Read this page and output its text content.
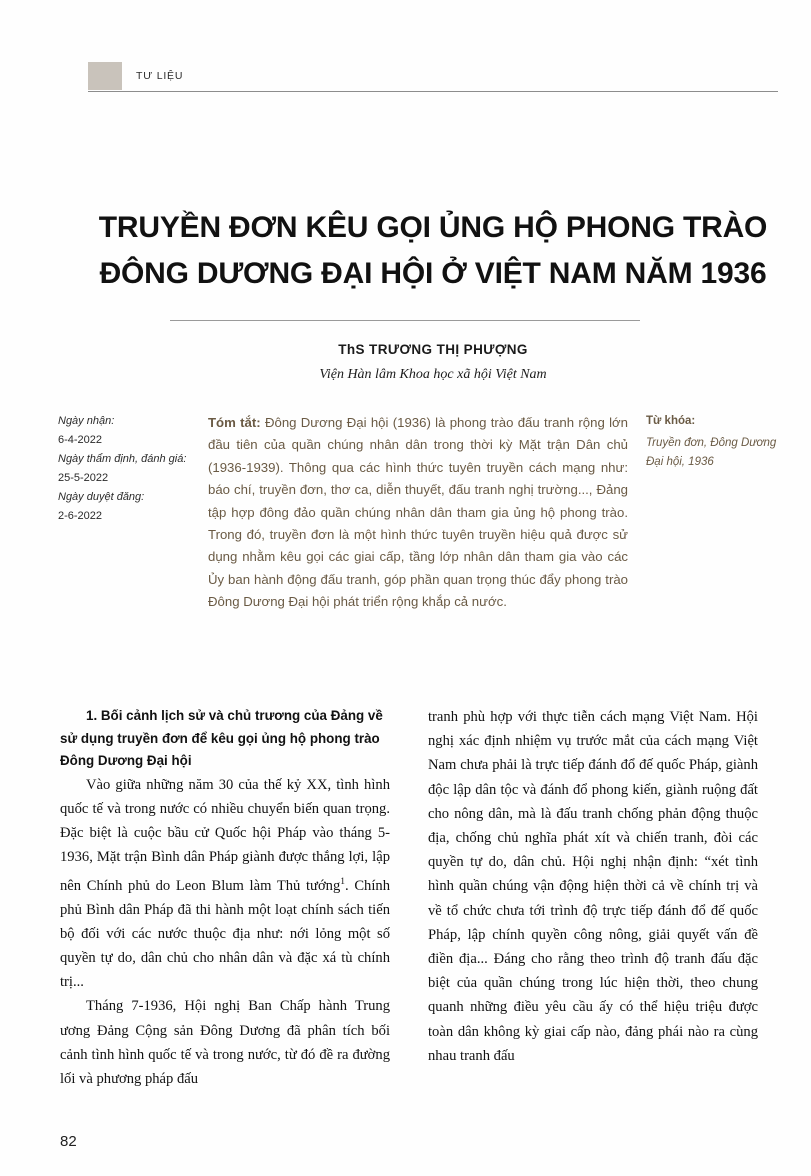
TƯ LIỆU
TRUYỀN ĐƠN KÊU GỌI ỦNG HỘ PHONG TRÀO
ĐÔNG DƯƠNG ĐẠI HỘI Ở VIỆT NAM NĂM 1936
ThS TRƯƠNG THỊ PHƯỢNG
Viện Hàn lâm Khoa học xã hội Việt Nam
Ngày nhận:
6-4-2022
Ngày thẩm định, đánh giá:
25-5-2022
Ngày duyệt đăng:
2-6-2022
Tóm tắt: Đông Dương Đại hội (1936) là phong trào đấu tranh rộng lớn đầu tiên của quần chúng nhân dân trong thời kỳ Mặt trận Dân chủ (1936-1939). Thông qua các hình thức tuyên truyền cách mạng như: báo chí, truyền đơn, thơ ca, diễn thuyết, đấu tranh nghị trường..., Đảng tập hợp đông đảo quần chúng nhân dân tham gia ủng hộ phong trào. Trong đó, truyền đơn là một hình thức tuyên truyền hiệu quả được sử dụng nhằm kêu gọi các giai cấp, tầng lớp nhân dân tham gia vào các Ủy ban hành động đấu tranh, góp phần quan trọng thúc đẩy phong trào Đông Dương Đại hội phát triển rộng khắp cả nước.
Từ khóa:
Truyền đơn, Đông Dương Đại hội, 1936

1. Bối cảnh lịch sử và chủ trương của Đảng về sử dụng truyền đơn để kêu gọi ủng hộ phong trào Đông Dương Đại hội

Vào giữa những năm 30 của thế kỷ XX, tình hình quốc tế và trong nước có nhiều chuyển biến quan trọng. Đặc biệt là cuộc bầu cử Quốc hội Pháp vào tháng 5-1936, Mặt trận Bình dân Pháp giành được thắng lợi, lập nên Chính phủ do Leon Blum làm Thủ tướng$^1$. Chính phủ Bình dân Pháp đã thi hành một loạt chính sách tiến bộ đối với các nước thuộc địa như: nới lỏng một số quyền tự do, dân chủ cho nhân dân và đặc xá tù chính trị...

Tháng 7-1936, Hội nghị Ban Chấp hành Trung ương Đảng Cộng sản Đông Dương đã phân tích bối cảnh tình hình quốc tế và trong nước, từ đó đề ra đường lối và phương pháp đấu

tranh phù hợp với thực tiễn cách mạng Việt Nam. Hội nghị xác định nhiệm vụ trước mắt của cách mạng Việt Nam chưa phải là trực tiếp đánh đổ đế quốc Pháp, giành độc lập dân tộc và đánh đổ phong kiến, giành ruộng đất cho nông dân, mà là đấu tranh chống phản động thuộc địa, chống chủ nghĩa phát xít và chiến tranh, đòi các quyền tự do, dân chủ. Hội nghị nhận định: “xét tình hình quần chúng vận động hiện thời cả về chính trị và về tổ chức chưa tới trình độ trực tiếp đánh đổ đế quốc Pháp, lập chính quyền công nông, giải quyết vấn đề điền địa... Đáng cho rằng theo trình độ tranh đấu đặc biệt của quần chúng trong lúc hiện thời, theo chung quanh những điều yêu cầu ấy có thể hiệu triệu được toàn dân không kỳ giai cấp nào, đảng phái nào ra cùng nhau tranh đấu

82
